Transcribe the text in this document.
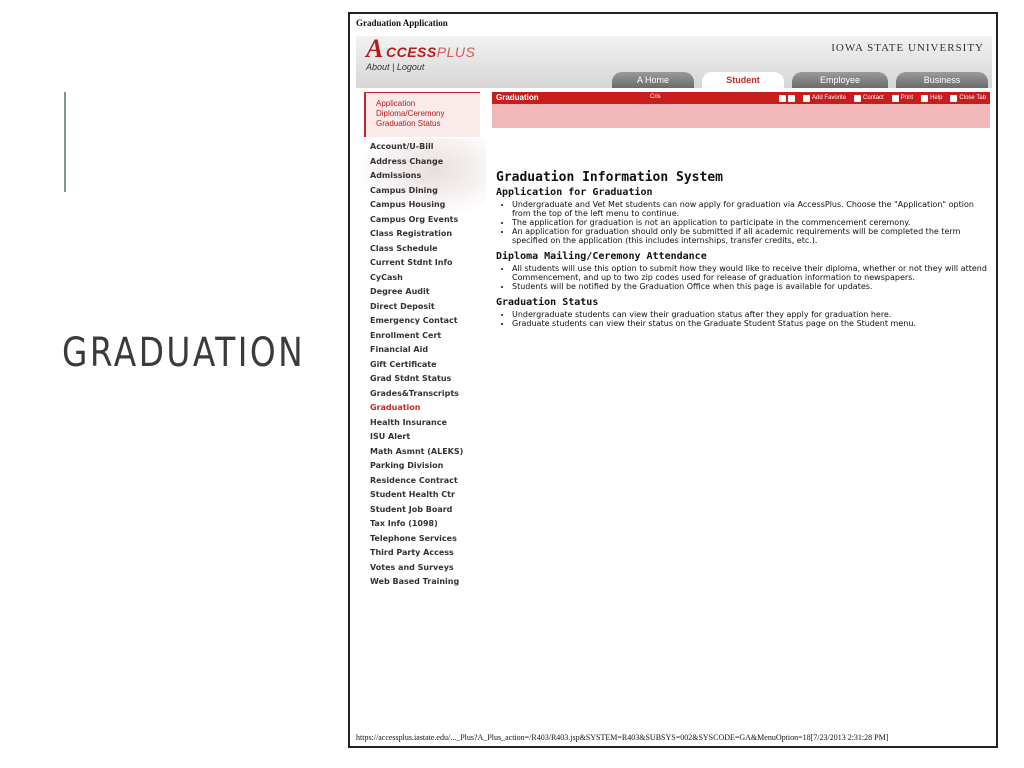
GRADUATION
Graduation Application
A CCESSPLUS
About | Logout
IOWA STATE UNIVERSITY
A Home	Student	Employee	Business
Application
Diploma/Ceremony
Graduation Status
Account/U-Bill
Address Change
Admissions
Campus Dining
Campus Housing
Campus Org Events
Class Registration
Class Schedule
Current Stdnt Info
CyCash
Degree Audit
Direct Deposit
Emergency Contact
Enrollment Cert
Financial Aid
Gift Certificate
Grad Stdnt Status
Grades&Transcripts
Graduation
Health Insurance
ISU Alert
Math Asmnt (ALEKS)
Parking Division
Residence Contract
Student Health Ctr
Student Job Board
Tax Info (1098)
Telephone Services
Third Party Access
Votes and Surveys
Web Based Training
Graduation	Cris	Add Favorite	Contact	Print	Help	Close Tab
Graduation Information System
Application for Graduation
• Undergraduate and Vet Met students can now apply for graduation via AccessPlus. Choose the "Application" option from the top of the left menu to continue.
• The application for graduation is not an application to participate in the commencement ceremony.
• An application for graduation should only be submitted if all academic requirements will be completed the term specified on the application (this includes internships, transfer credits, etc.).
Diploma Mailing/Ceremony Attendance
• All students will use this option to submit how they would like to receive their diploma, whether or not they will attend Commencement, and up to two zip codes used for release of graduation information to newspapers.
• Students will be notified by the Graduation Office when this page is available for updates.
Graduation Status
• Undergraduate students can view their graduation status after they apply for graduation here.
• Graduate students can view their status on the Graduate Student Status page on the Student menu.
https://accessplus.iastate.edu/..._Plus?A_Plus_action=/R403/R403.jsp&SYSTEM=R403&SUBSYS=002&SYSCODE=GA&MenuOption=18[7/23/2013 2:31:28 PM]
